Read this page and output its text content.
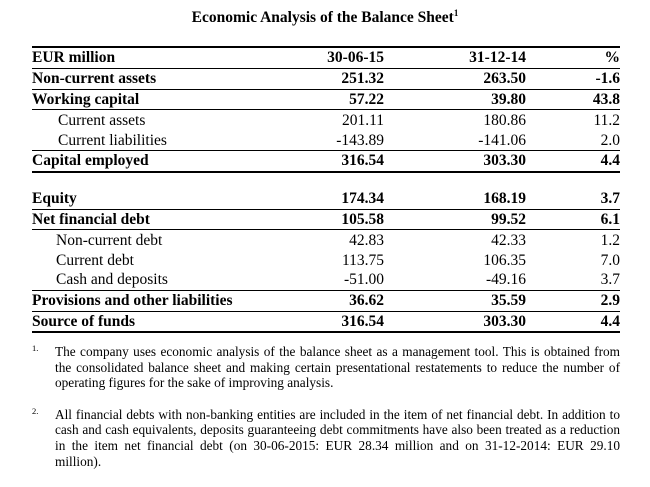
Economic Analysis of the Balance Sheet$^1$
EUR million	30-06-15	31-12-14	%
Non-current assets	251.32	263.50	-1.6
Working capital	57.22	39.80	43.8
Current assets	201.11	180.86	11.2
Current liabilities	-143.89	-141.06	2.0
Capital employed	316.54	303.30	4.4

Equity	174.34	168.19	3.7
Net financial debt	105.58	99.52	6.1
Non-current debt	42.83	42.33	1.2
Current debt	113.75	106.35	7.0
Cash and deposits	-51.00	-49.16	3.7
Provisions and other liabilities	36.62	35.59	2.9
Source of funds	316.54	303.30	4.4
1. The company uses economic analysis of the balance sheet as a management tool. This is obtained from the consolidated balance sheet and making certain presentational restatements to reduce the number of operating figures for the sake of improving analysis.
2. All financial debts with non-banking entities are included in the item of net financial debt. In addition to cash and cash equivalents, deposits guaranteeing debt commitments have also been treated as a reduction in the item net financial debt (on 30-06-2015: EUR 28.34 million and on 31-12-2014: EUR 29.10 million).
